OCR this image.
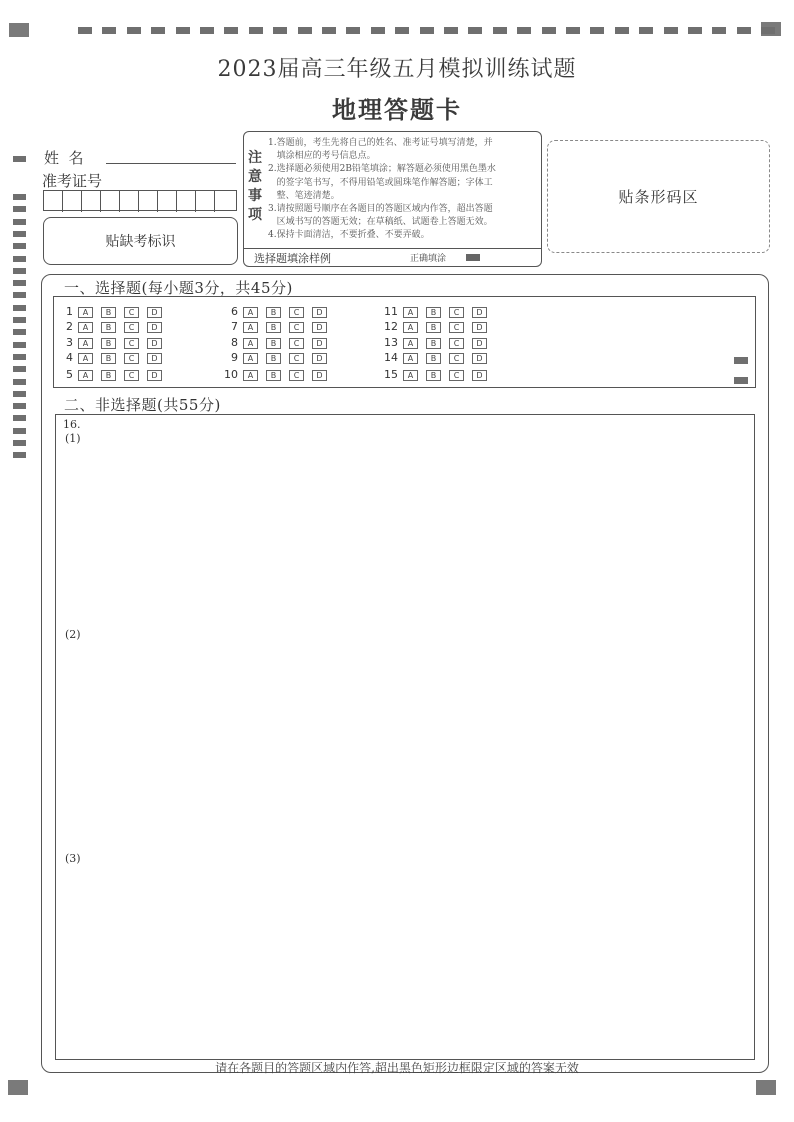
2023届高三年级五月模拟训练试题
地理答题卡
姓  名
准考证号
贴缺考标识
注
意
事
项
1.答题前，考生先将自己的姓名、准考证号填写清楚，并
填涂相应的考号信息点。
2.选择题必须使用2B铅笔填涂；解答题必须使用黑色墨水
的签字笔书写，不得用铅笔或圆珠笔作解答题；字体工
整、笔迹清楚。
3.请按照题号顺序在各题目的答题区域内作答，超出答题
区域书写的答题无效；在草稿纸、试题卷上答题无效。
4.保持卡面清洁，不要折叠、不要弄破。
选择题填涂样例	正确填涂
贴条形码区
一、选择题(每小题3分，共45分)
1 A B C D
2 A B C D
3 A B C D
4 A B C D
5 A B C D
6 A B C D
7 A B C D
8 A B C D
9 A B C D
10 A B C D
11 A B C D
12 A B C D
13 A B C D
14 A B C D
15 A B C D
二、非选择题(共55分)
16.
(1)
(2)
(3)
请在各题目的答题区域内作答,超出黑色矩形边框限定区域的答案无效
